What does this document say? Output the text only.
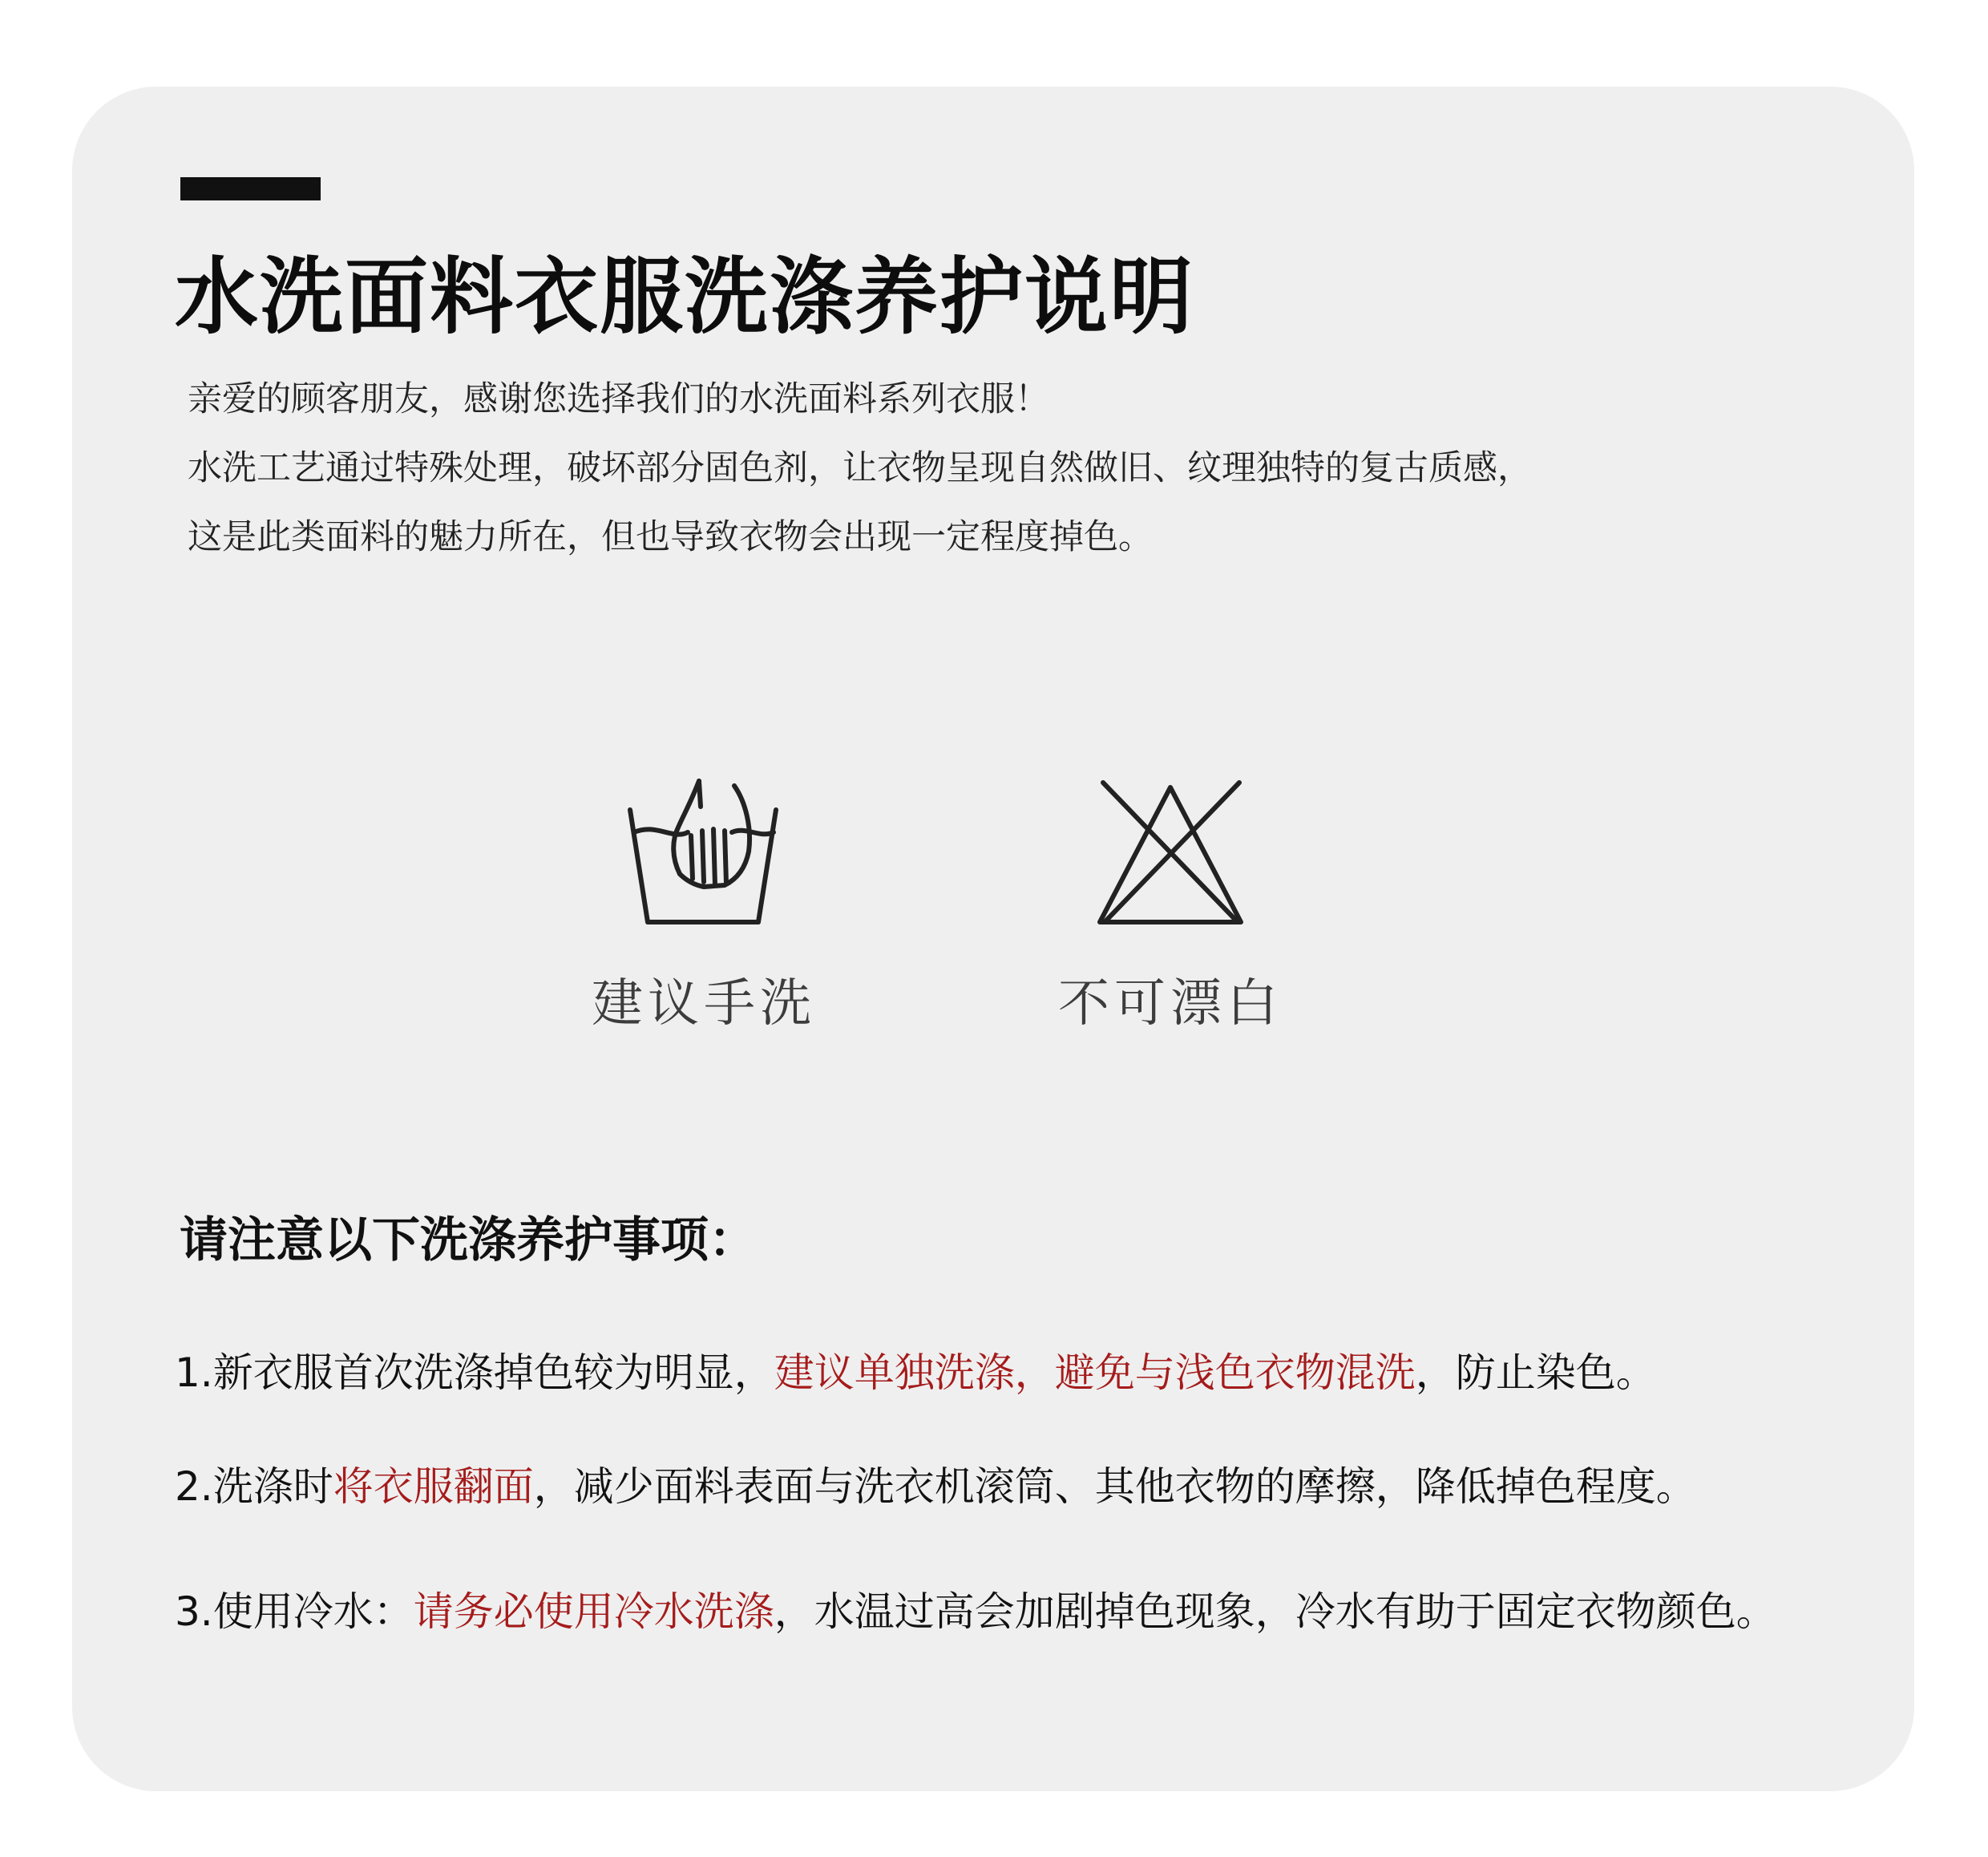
水洗面料衣服洗涤养护说明

亲爱的顾客朋友，感谢您选择我们的水洗面料系列衣服！

水洗工艺通过特殊处理，破坏部分固色剂，让衣物呈现自然做旧、纹理独特的复古质感，

这是此类面料的魅力所在，但也导致衣物会出现一定程度掉色。

建议手洗	不可漂白
请注意以下洗涤养护事项：

1.新衣服首次洗涤掉色较为明显，建议单独洗涤，避免与浅色衣物混洗，防止染色。

2.洗涤时将衣服翻面，减少面料表面与洗衣机滚筒、其他衣物的摩擦，降低掉色程度。

3.使用冷水：请务必使用冷水洗涤，水温过高会加剧掉色现象，冷水有助于固定衣物颜色。
